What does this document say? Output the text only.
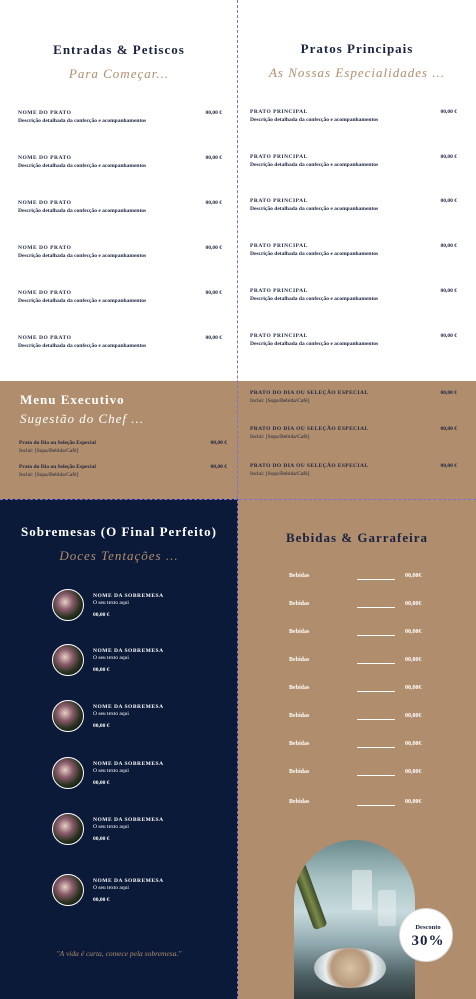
Entradas & Petiscos
Para Começar...
NOME DO PRATO
Descrição detalhada da confecção e acompanhamentos
00,00 €
NOME DO PRATO
Descrição detalhada da confecção e acompanhamentos
00,00 €
NOME DO PRATO
Descrição detalhada da confecção e acompanhamentos
00,00 €
NOME DO PRATO
Descrição detalhada da confecção e acompanhamentos
00,00 €
NOME DO PRATO
Descrição detalhada da confecção e acompanhamentos
00,00 €
NOME DO PRATO
Descrição detalhada da confecção e acompanhamentos
00,00 €
Pratos Principais
As Nossas Especialidades ...
PRATO PRINCIPAL
Descrição detalhada da confecção e acompanhamentos
00,00 €
PRATO PRINCIPAL
Descrição detalhada da confecção e acompanhamentos
00,00 €
PRATO PRINCIPAL
Descrição detalhada da confecção e acompanhamentos
00,00 €
PRATO PRINCIPAL
Descrição detalhada da confecção e acompanhamentos
00,00 €
PRATO PRINCIPAL
Descrição detalhada da confecção e acompanhamentos
00,00 €
PRATO PRINCIPAL
Descrição detalhada da confecção e acompanhamentos
00,00 €
Menu Executivo
Sugestão do Chef ...
Prato do Dia ou Seleção Especial
Inclui: [Sopa/Bebida/Café]
00,00 €
Prato do Dia ou Seleção Especial
Inclui: [Sopa/Bebida/Café]
00,00 €
PRATO DO DIA OU SELEÇÃO ESPECIAL
Inclui: [Sopa/Bebida/Café]
00,00 €
PRATO DO DIA OU SELEÇÃO ESPECIAL
Inclui: [Sopa/Bebida/Café]
00,00 €
PRATO DO DIA OU SELEÇÃO ESPECIAL
Inclui: [Sopa/Bebida/Café]
00,00 €
Sobremesas (O Final Perfeito)
Doces Tentações ...
NOME DA SOBREMESA
O seu texto aqui
00,00 €
NOME DA SOBREMESA
O seu texto aqui
00,00 €
NOME DA SOBREMESA
O seu texto aqui
00,00 €
NOME DA SOBREMESA
O seu texto aqui
00,00 €
NOME DA SOBREMESA
O seu texto aqui
00,00 €
NOME DA SOBREMESA
O seu texto aqui
00,00 €
"A vida é curta, comece pela sobremesa."
Bebidas & Garrafeira
Bebidas	00,00€
Bebidas	00,00€
Bebidas	00,00€
Bebidas	00,00€
Bebidas	00,00€
Bebidas	00,00€
Bebidas	00,00€
Bebidas	00,00€
Bebidas	00,00€
Desconto
30%
